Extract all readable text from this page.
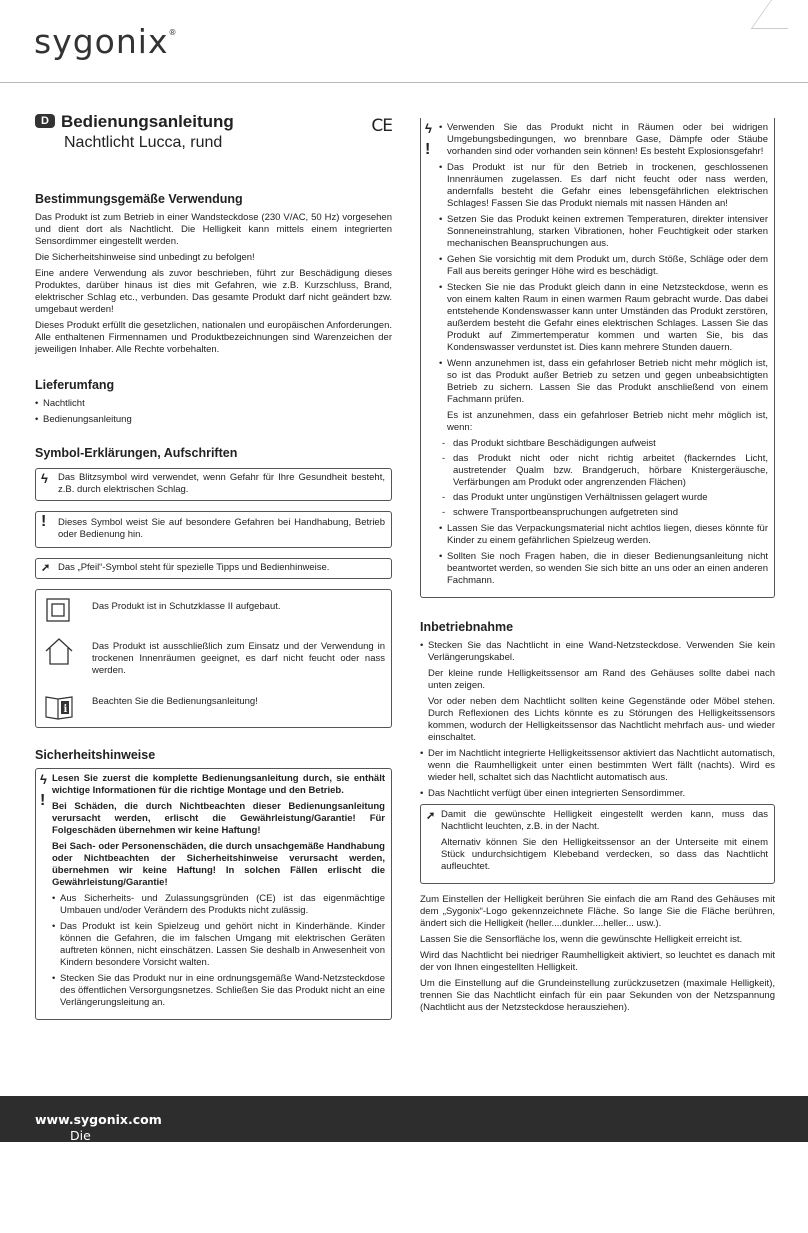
sygonix®
D Bedienungsanleitung
Nachtlicht Lucca, rund
CE
Bestimmungsgemäße Verwendung

Das Produkt ist zum Betrieb in einer Wandsteckdose (230 V/AC, 50 Hz) vorgesehen und dient dort als Nachtlicht. Die Helligkeit kann mittels einem integrierten Sensordimmer eingestellt werden.

Die Sicherheitshinweise sind unbedingt zu befolgen!

Eine andere Verwendung als zuvor beschrieben, führt zur Beschädigung dieses Produktes, darüber hinaus ist dies mit Gefahren, wie z.B. Kurzschluss, Brand, elektrischer Schlag etc., verbunden. Das gesamte Produkt darf nicht geändert bzw. umgebaut werden!

Dieses Produkt erfüllt die gesetzlichen, nationalen und europäischen Anforderungen. Alle enthaltenen Firmennamen und Produktbezeichnungen sind Warenzeichen der jeweiligen Inhaber. Alle Rechte vorbehalten.

Lieferumfang
• Nachtlicht
• Bedienungsanleitung
Symbol-Erklärungen, Aufschriften
ϟ Das Blitzsymbol wird verwendet, wenn Gefahr für Ihre Gesundheit besteht, z.B. durch elektrischen Schlag.

! Dieses Symbol weist Sie auf besondere Gefahren bei Handhabung, Betrieb oder Bedienung hin.

➚ Das „Pfeil“-Symbol steht für spezielle Tipps und Bedienhinweise.

Das Produkt ist in Schutzklasse II aufgebaut.

Das Produkt ist ausschließlich zum Einsatz und der Verwendung in trockenen Innenräumen geeignet, es darf nicht feucht oder nass werden.

i

Beachten Sie die Bedienungsanleitung!

Sicherheitshinweise
ϟ
!

Lesen Sie zuerst die komplette Bedienungsanleitung durch, sie enthält wichtige Informationen für die richtige Montage und den Betrieb.

Bei Schäden, die durch Nichtbeachten dieser Bedienungsanleitung verursacht werden, erlischt die Gewährleistung/Garantie! Für Folgeschäden übernehmen wir keine Haftung!

Bei Sach- oder Personenschäden, die durch unsachgemäße Handhabung oder Nichtbeachten der Sicherheitshinweise verursacht werden, übernehmen wir keine Haftung! In solchen Fällen erlischt die Gewährleistung/Garantie!

• Aus Sicherheits- und Zulassungsgründen (CE) ist das eigenmächtige Umbauen und/oder Verändern des Produkts nicht zulässig.
• Das Produkt ist kein Spielzeug und gehört nicht in Kinderhände. Kinder können die Gefahren, die im falschen Umgang mit elektrischen Geräten auftreten können, nicht einschätzen. Lassen Sie deshalb in Anwesenheit von Kindern besondere Vorsicht walten.
• Stecken Sie das Produkt nur in eine ordnungsgemäße Wand-Netzsteckdose des öffentlichen Versorgungsnetzes. Schließen Sie das Produkt nicht an eine Verlängerungsleitung an.
ϟ
!
• Verwenden Sie das Produkt nicht in Räumen oder bei widrigen Umgebungsbedingungen, wo brennbare Gase, Dämpfe oder Stäube vorhanden sind oder vorhanden sein können! Es besteht Explosionsgefahr!
• Das Produkt ist nur für den Betrieb in trockenen, geschlossenen Innenräumen zugelassen. Es darf nicht feucht oder nass werden, andernfalls besteht die Gefahr eines lebensgefährlichen elektrischen Schlages! Fassen Sie das Produkt niemals mit nassen Händen an!
• Setzen Sie das Produkt keinen extremen Temperaturen, direkter intensiver Sonneneinstrahlung, starken Vibrationen, hoher Feuchtigkeit oder starken mechanischen Beanspruchungen aus.
• Gehen Sie vorsichtig mit dem Produkt um, durch Stöße, Schläge oder dem Fall aus bereits geringer Höhe wird es beschädigt.
• Stecken Sie nie das Produkt gleich dann in eine Netzsteckdose, wenn es von einem kalten Raum in einen warmen Raum gebracht wurde. Das dabei entstehende Kondenswasser kann unter Umständen das Produkt zerstören, außerdem besteht die Gefahr eines elektrischen Schlages. Lassen Sie das Produkt auf Zimmertemperatur kommen und warten Sie, bis das Kondenswasser verdunstet ist. Dies kann mehrere Stunden dauern.
• Wenn anzunehmen ist, dass ein gefahrloser Betrieb nicht mehr möglich ist, so ist das Produkt außer Betrieb zu setzen und gegen unbeabsichtigten Betrieb zu sichern. Lassen Sie das Produkt anschließend von einem Fachmann prüfen.

Es ist anzunehmen, dass ein gefahrloser Betrieb nicht mehr möglich ist, wenn:

- das Produkt sichtbare Beschädigungen aufweist
- das Produkt nicht oder nicht richtig arbeitet (flackerndes Licht, austretender Qualm bzw. Brandgeruch, hörbare Knistergeräusche, Verfärbungen am Produkt oder angrenzenden Flächen)
- das Produkt unter ungünstigen Verhältnissen gelagert wurde
- schwere Transportbeanspruchungen aufgetreten sind
• Lassen Sie das Verpackungsmaterial nicht achtlos liegen, dieses könnte für Kinder zu einem gefährlichen Spielzeug werden.
• Sollten Sie noch Fragen haben, die in dieser Bedienungsanleitung nicht beantwortet werden, so wenden Sie sich bitte an uns oder an einen anderen Fachmann.
Inbetriebnahme
• Stecken Sie das Nachtlicht in eine Wand-Netzsteckdose. Verwenden Sie kein Verlängerungskabel.

Der kleine runde Helligkeitssensor am Rand des Gehäuses sollte dabei nach unten zeigen.

Vor oder neben dem Nachtlicht sollten keine Gegenstände oder Möbel stehen. Durch Reflexionen des Lichts könnte es zu Störungen des Helligkeitssensors kommen, wodurch der Helligkeitssensor das Nachtlicht mehrfach aus- und wieder einschaltet.

• Der im Nachtlicht integrierte Helligkeitssensor aktiviert das Nachtlicht automatisch, wenn die Raumhelligkeit unter einen bestimmten Wert fällt (nachts). Wird es wieder hell, schaltet sich das Nachtlicht automatisch aus.
• Das Nachtlicht verfügt über einen integrierten Sensordimmer.
➚ Damit die gewünschte Helligkeit eingestellt werden kann, muss das Nachtlicht leuchten, z.B. in der Nacht.

Alternativ können Sie den Helligkeitssensor an der Unterseite mit einem Stück undurchsichtigem Klebeband verdecken, so dass das Nachtlicht aufleuchtet.

Zum Einstellen der Helligkeit berühren Sie einfach die am Rand des Gehäuses mit dem „Sygonix“-Logo gekennzeichnete Fläche. So lange Sie die Fläche berühren, ändert sich die Helligkeit (heller....dunkler....heller... usw.).

Lassen Sie die Sensorfläche los, wenn die gewünschte Helligkeit erreicht ist.

Wird das Nachtlicht bei niedriger Raumhelligkeit aktiviert, so leuchtet es danach mit der von Ihnen eingestellten Helligkeit.

Um die Einstellung auf die Grundeinstellung zurückzusetzen (maximale Helligkeit), trennen Sie das Nachtlicht einfach für ein paar Sekunden von der Netzspannung (Nachtlicht aus der Netzsteckdose herausziehen).

Die Haustechnik-Marke für das ganze Haus. Mehr Informationen unter
www.sygonix.com
